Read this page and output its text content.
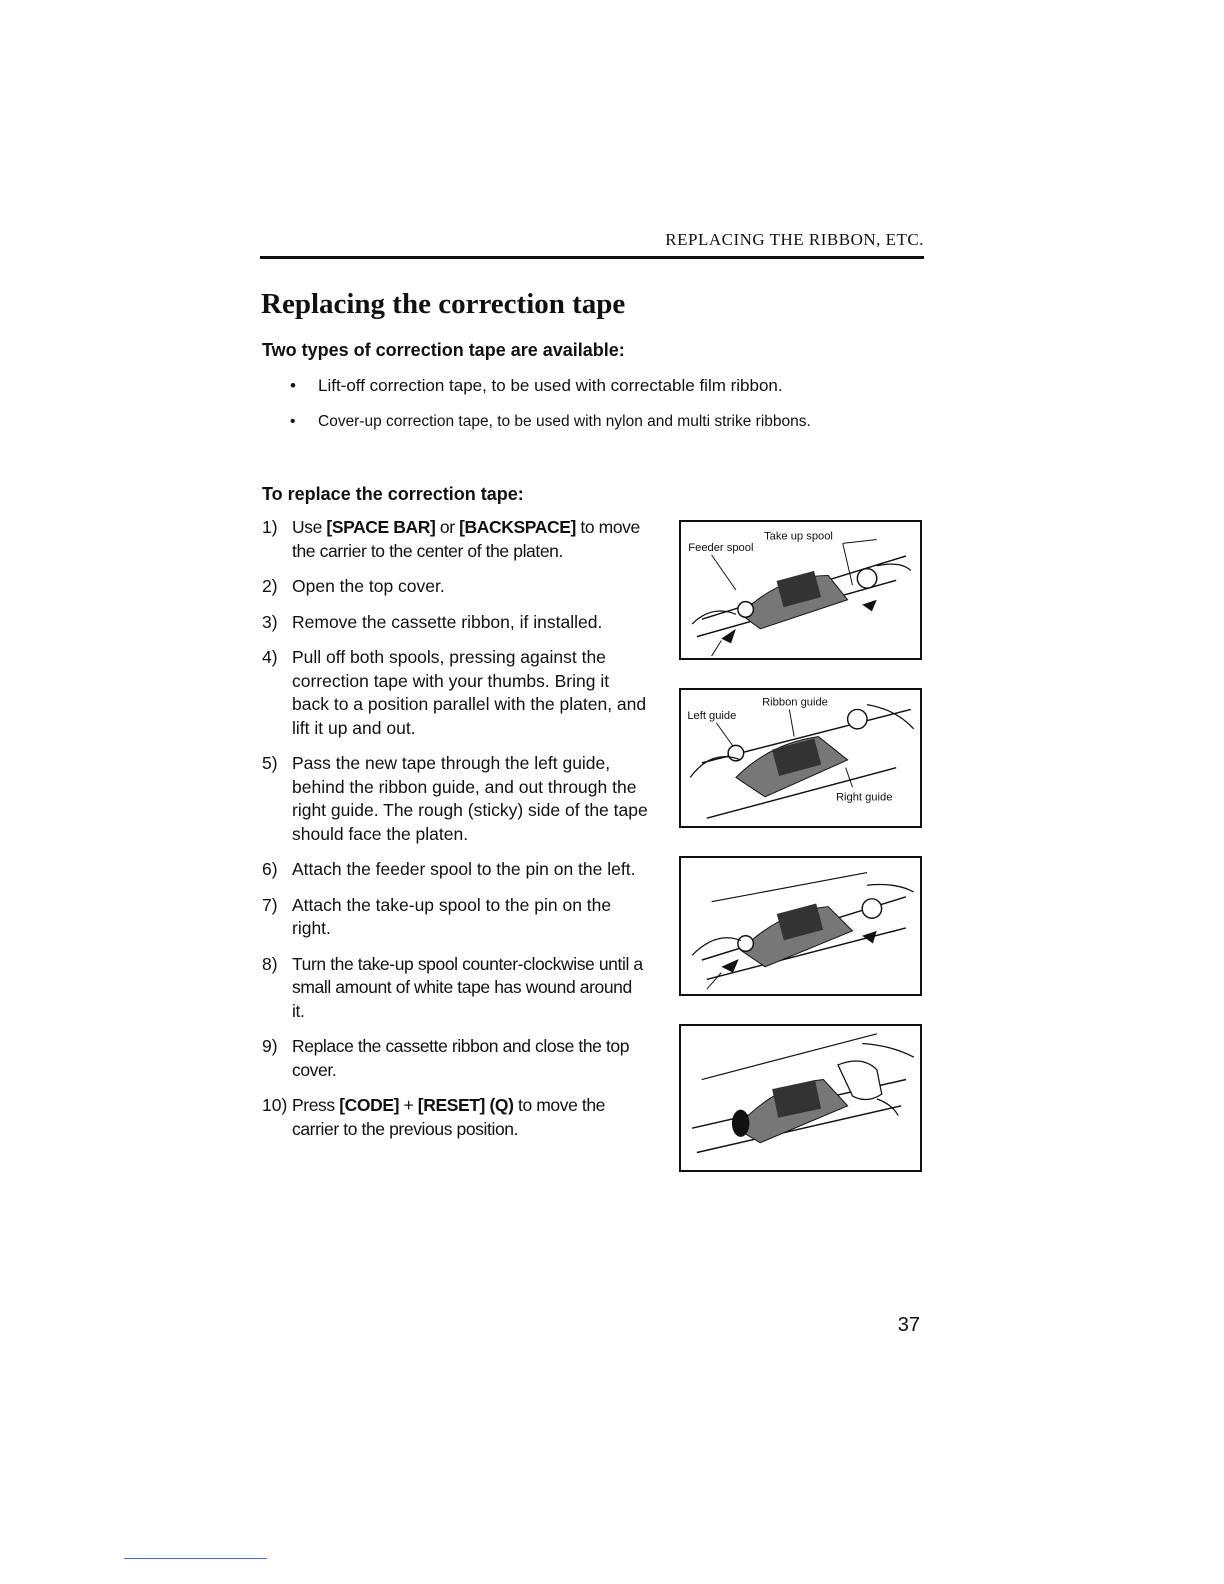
REPLACING THE RIBBON, ETC.
Replacing the correction tape
Two types of correction tape are available:
•	Lift-off correction tape, to be used with correctable film ribbon.
•	Cover-up correction tape, to be used with nylon and multi strike ribbons.
To replace the correction tape:
1) Use [SPACE BAR] or [BACKSPACE] to move the carrier to the center of the platen.
2) Open the top cover.
3) Remove the cassette ribbon, if installed.
4) Pull off both spools, pressing against the correction tape with your thumbs. Bring it back to a position parallel with the platen, and lift it up and out.
5) Pass the new tape through the left guide, behind the ribbon guide, and out through the right guide. The rough (sticky) side of the tape should face the platen.
6) Attach the feeder spool to the pin on the left.
7) Attach the take-up spool to the pin on the right.
8) Turn the take-up spool counter-clockwise until a small amount of white tape has wound around it.
9) Replace the cassette ribbon and close the top cover.
10) Press [CODE] + [RESET] (Q) to move the carrier to the previous position.
Take up spool
Feeder spool
Ribbon guide
Left guide
Right guide
37
